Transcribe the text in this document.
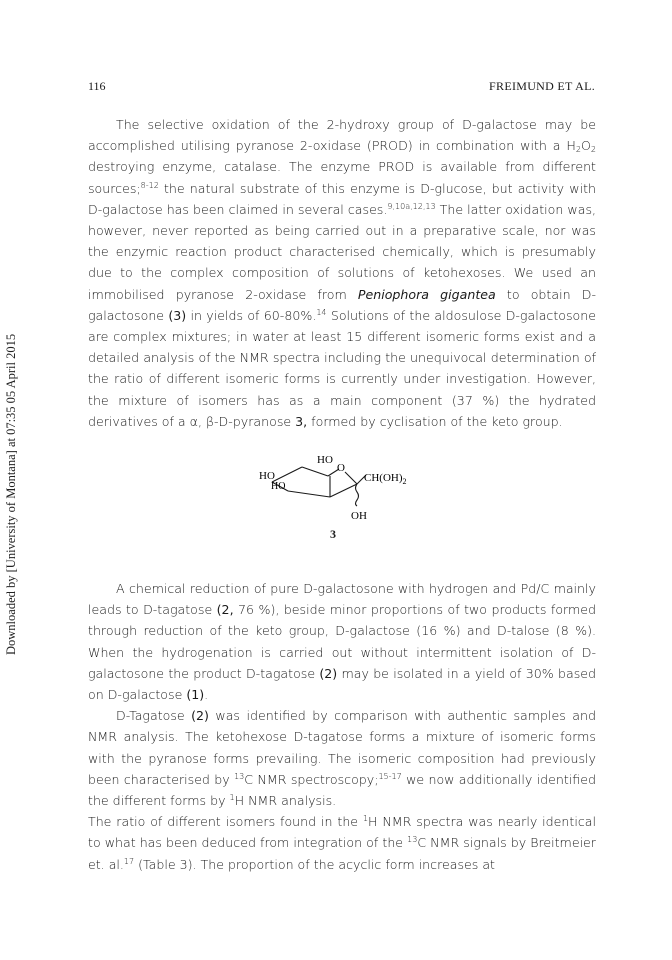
116	FREIMUND ET AL.
Downloaded by [University of Montana] at 07:35 05 April 2015

The selective oxidation of the 2-hydroxy group of D-galactose may be accomplished utilising pyranose 2-oxidase (PROD) in combination with a $H_2O_2$ destroying enzyme, catalase. The enzyme PROD is available from different sources;$^{8-12}$ the natural substrate of this enzyme is D-glucose, but activity with D-galactose has been claimed in several cases.$^{9,10a,12,13}$ The latter oxidation was, however, never reported as being carried out in a preparative scale, nor was the enzymic reaction product characterised chemically, which is presumably due to the complex composition of solutions of ketohexoses. We used an immobilised pyranose 2-oxidase from Peniophora gigantea to obtain D-galactosone (3) in yields of 60-80%.$^{14}$ Solutions of the aldosulose D-galactosone are complex mixtures; in water at least 15 different isomeric forms exist and a detailed analysis of the NMR spectra including the unequivocal determination of the ratio of different isomeric forms is currently under investigation. However, the mixture of isomers has as a main component (37 %) the hydrated derivatives of a α, β-D-pyranose 3, formed by cyclisation of the keto group.

HO
O
HO
HO
$CH(OH)_2$
OH
3

A chemical reduction of pure D-galactosone with hydrogen and Pd/C mainly leads to D-tagatose (2, 76 %), beside minor proportions of two products formed through reduction of the keto group, D-galactose (16 %) and D-talose (8 %). When the hydrogenation is carried out without intermittent isolation of D-galactosone the product D-tagatose (2) may be isolated in a yield of 30% based on D-galactose (1).

D-Tagatose (2) was identified by comparison with authentic samples and NMR analysis. The ketohexose D-tagatose forms a mixture of isomeric forms with the pyranose forms prevailing. The isomeric composition had previously been characterised by $^{13}$C NMR spectroscopy;$^{15-17}$ we now additionally identified the different forms by $^1$H NMR analysis.

The ratio of different isomers found in the $^1$H NMR spectra was nearly identical to what has been deduced from integration of the $^{13}$C NMR signals by Breitmeier et. al.$^{17}$ (Table 3). The proportion of the acyclic form increases at
